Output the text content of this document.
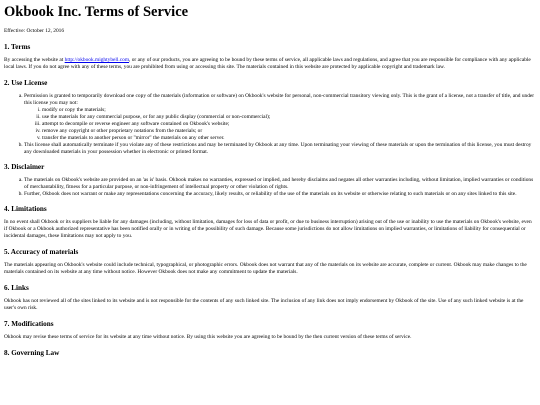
Okbook Inc. Terms of Service
Effective: October 12, 2016
1. Terms

By accessing the website at http://okbook.mightybell.com, or any of our products, you are agreeing to be bound by these terms of service, all applicable laws and regulations, and agree that you are responsible for compliance with any applicable local laws. If you do not agree with any of these terms, you are prohibited from using or accessing this site. The materials contained in this website are protected by applicable copyright and trademark law.

2. Use License
a. Permission is granted to temporarily download one copy of the materials (information or software) on Okbook's website for personal, non-commercial transitory viewing only. This is the grant of a license, not a transfer of title, and under this license you may not:
i. modify or copy the materials;
ii. use the materials for any commercial purpose, or for any public display (commercial or non-commercial);
iii. attempt to decompile or reverse engineer any software contained on Okbook's website;
iv. remove any copyright or other proprietary notations from the materials; or
v. transfer the materials to another person or "mirror" the materials on any other server.
b. This license shall automatically terminate if you violate any of these restrictions and may be terminated by Okbook at any time. Upon terminating your viewing of these materials or upon the termination of this license, you must destroy any downloaded materials in your possession whether in electronic or printed format.
3. Disclaimer
a. The materials on Okbook's website are provided on an 'as is' basis. Okbook makes no warranties, expressed or implied, and hereby disclaims and negates all other warranties including, without limitation, implied warranties or conditions of merchantability, fitness for a particular purpose, or non-infringement of intellectual property or other violation of rights.
b. Further, Okbook does not warrant or make any representations concerning the accuracy, likely results, or reliability of the use of the materials on its website or otherwise relating to such materials or on any sites linked to this site.
4. Limitations

In no event shall Okbook or its suppliers be liable for any damages (including, without limitation, damages for loss of data or profit, or due to business interruption) arising out of the use or inability to use the materials on Okbook's website, even if Okbook or a Okbook authorized representative has been notified orally or in writing of the possibility of such damage. Because some jurisdictions do not allow limitations on implied warranties, or limitations of liability for consequential or incidental damages, these limitations may not apply to you.

5. Accuracy of materials

The materials appearing on Okbook's website could include technical, typographical, or photographic errors. Okbook does not warrant that any of the materials on its website are accurate, complete or current. Okbook may make changes to the materials contained on its website at any time without notice. However Okbook does not make any commitment to update the materials.

6. Links

Okbook has not reviewed all of the sites linked to its website and is not responsible for the contents of any such linked site. The inclusion of any link does not imply endorsement by Okbook of the site. Use of any such linked website is at the user's own risk.

7. Modifications

Okbook may revise these terms of service for its website at any time without notice. By using this website you are agreeing to be bound by the then current version of these terms of service.

8. Governing Law
